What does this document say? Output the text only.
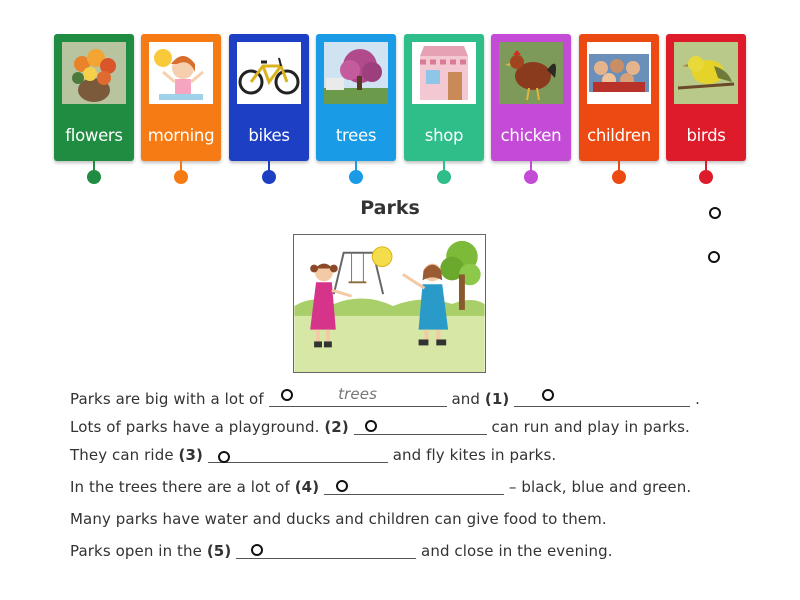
flowers	morning	bikes	trees	shop	chicken	children	birds
Parks
Parks are big with a lot of	trees	and (1)	.
Lots of parks have a playground. (2)	can run and play in parks.
They can ride (3)	and fly kites in parks.
In the trees there are a lot of (4)	– black, blue and green.
Many parks have water and ducks and children can give food to them.
Parks open in the (5)	and close in the evening.
